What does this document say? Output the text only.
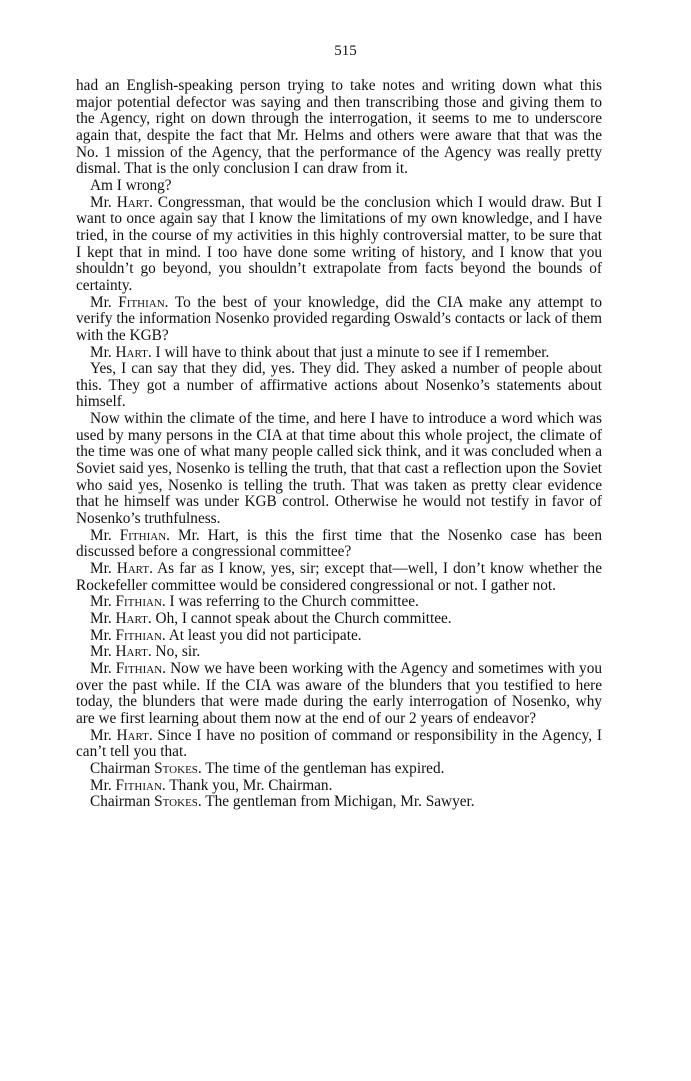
515

had an English-speaking person trying to take notes and writing down what this major potential defector was saying and then transcribing those and giving them to the Agency, right on down through the interrogation, it seems to me to underscore again that, despite the fact that Mr. Helms and others were aware that that was the No. 1 mission of the Agency, that the performance of the Agency was really pretty dismal. That is the only conclusion I can draw from it.

Am I wrong?

Mr. Hart. Congressman, that would be the conclusion which I would draw. But I want to once again say that I know the limitations of my own knowledge, and I have tried, in the course of my activities in this highly controversial matter, to be sure that I kept that in mind. I too have done some writing of history, and I know that you shouldn’t go beyond, you shouldn’t extrapolate from facts beyond the bounds of certainty.

Mr. Fithian. To the best of your knowledge, did the CIA make any attempt to verify the information Nosenko provided regarding Oswald’s contacts or lack of them with the KGB?

Mr. Hart. I will have to think about that just a minute to see if I remember.

Yes, I can say that they did, yes. They did. They asked a number of people about this. They got a number of affirmative actions about Nosenko’s statements about himself.

Now within the climate of the time, and here I have to introduce a word which was used by many persons in the CIA at that time about this whole project, the climate of the time was one of what many people called sick think, and it was concluded when a Soviet said yes, Nosenko is telling the truth, that that cast a reflection upon the Soviet who said yes, Nosenko is telling the truth. That was taken as pretty clear evidence that he himself was under KGB control. Otherwise he would not testify in favor of Nosenko’s truthfulness.

Mr. Fithian. Mr. Hart, is this the first time that the Nosenko case has been discussed before a congressional committee?

Mr. Hart. As far as I know, yes, sir; except that—well, I don’t know whether the Rockefeller committee would be considered congressional or not. I gather not.

Mr. Fithian. I was referring to the Church committee.

Mr. Hart. Oh, I cannot speak about the Church committee.

Mr. Fithian. At least you did not participate.

Mr. Hart. No, sir.

Mr. Fithian. Now we have been working with the Agency and sometimes with you over the past while. If the CIA was aware of the blunders that you testified to here today, the blunders that were made during the early interrogation of Nosenko, why are we first learning about them now at the end of our 2 years of endeavor?

Mr. Hart. Since I have no position of command or responsibility in the Agency, I can’t tell you that.

Chairman Stokes. The time of the gentleman has expired.

Mr. Fithian. Thank you, Mr. Chairman.

Chairman Stokes. The gentleman from Michigan, Mr. Sawyer.
